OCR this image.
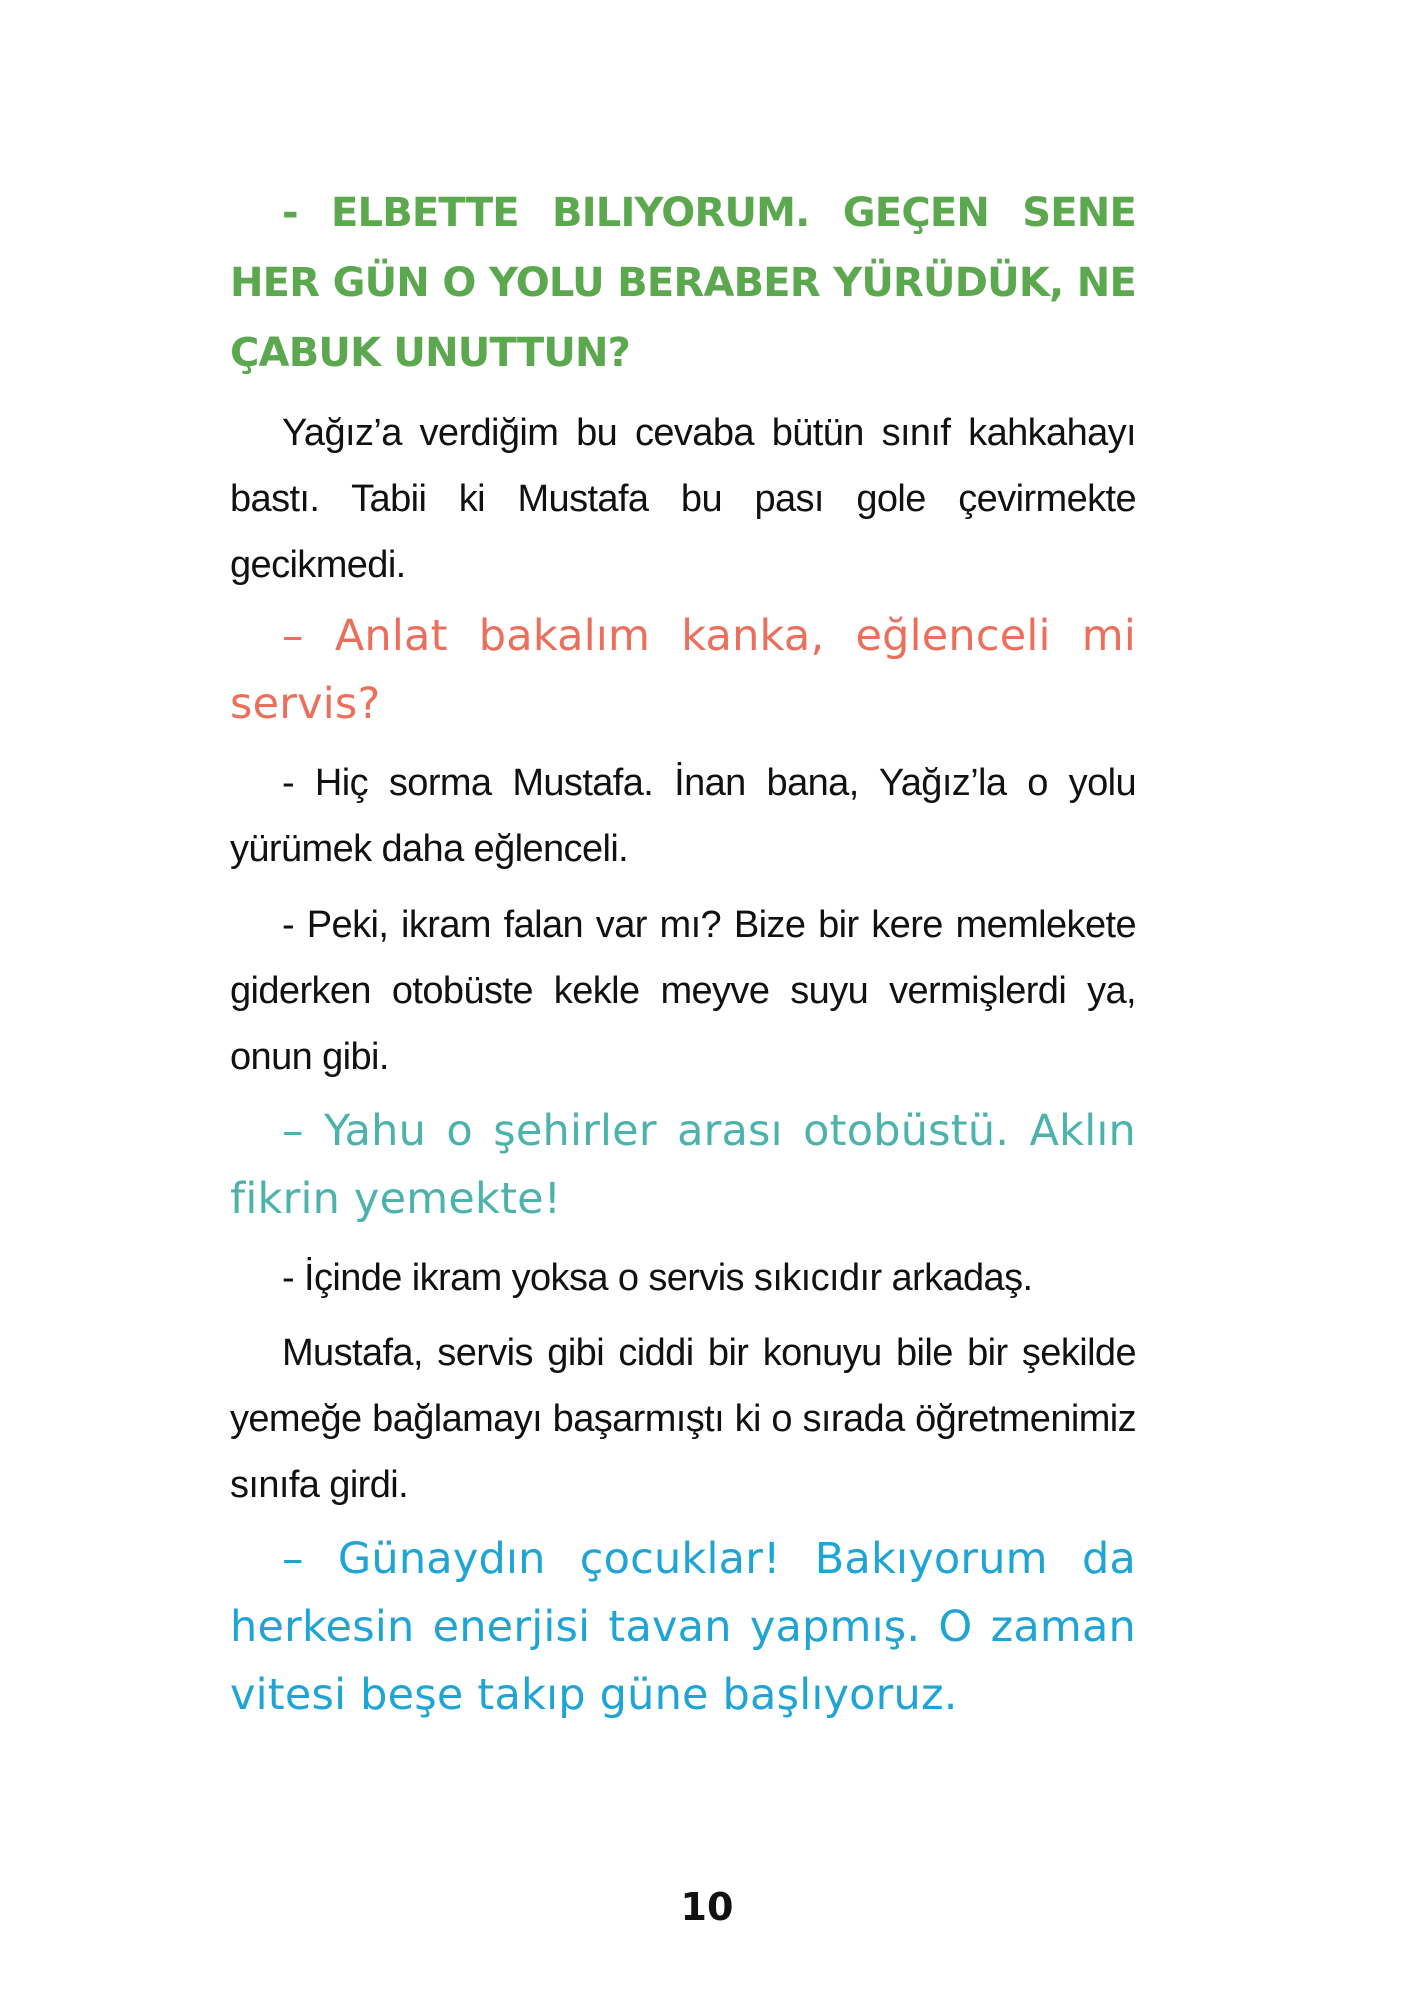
- ELBETTE BILIYORUM. GEÇEN SENE HER GÜN O YOLU BERABER YÜRÜDÜK, NE ÇABUK UNUTTUN?

Yağız’a verdiğim bu cevaba bütün sınıf kahkahayı bastı. Tabii ki Mustafa bu pası gole çevirmekte gecikmedi.

– Anlat bakalım kanka, eğlenceli mi servis?

- Hiç sorma Mustafa. İnan bana, Yağız’la o yolu yürümek daha eğlenceli.

- Peki, ikram falan var mı? Bize bir kere memlekete giderken otobüste kekle meyve suyu vermişlerdi ya, onun gibi.

– Yahu o şehirler arası otobüstü. Aklın fikrin yemekte!

- İçinde ikram yoksa o servis sıkıcıdır arkadaş.

Mustafa, servis gibi ciddi bir konuyu bile bir şekilde yemeğe bağlamayı başarmıştı ki o sırada öğretmenimiz sınıfa girdi.

– Günaydın çocuklar! Bakıyorum da herkesin enerjisi tavan yapmış. O zaman vitesi beşe takıp güne başlıyoruz.

10
